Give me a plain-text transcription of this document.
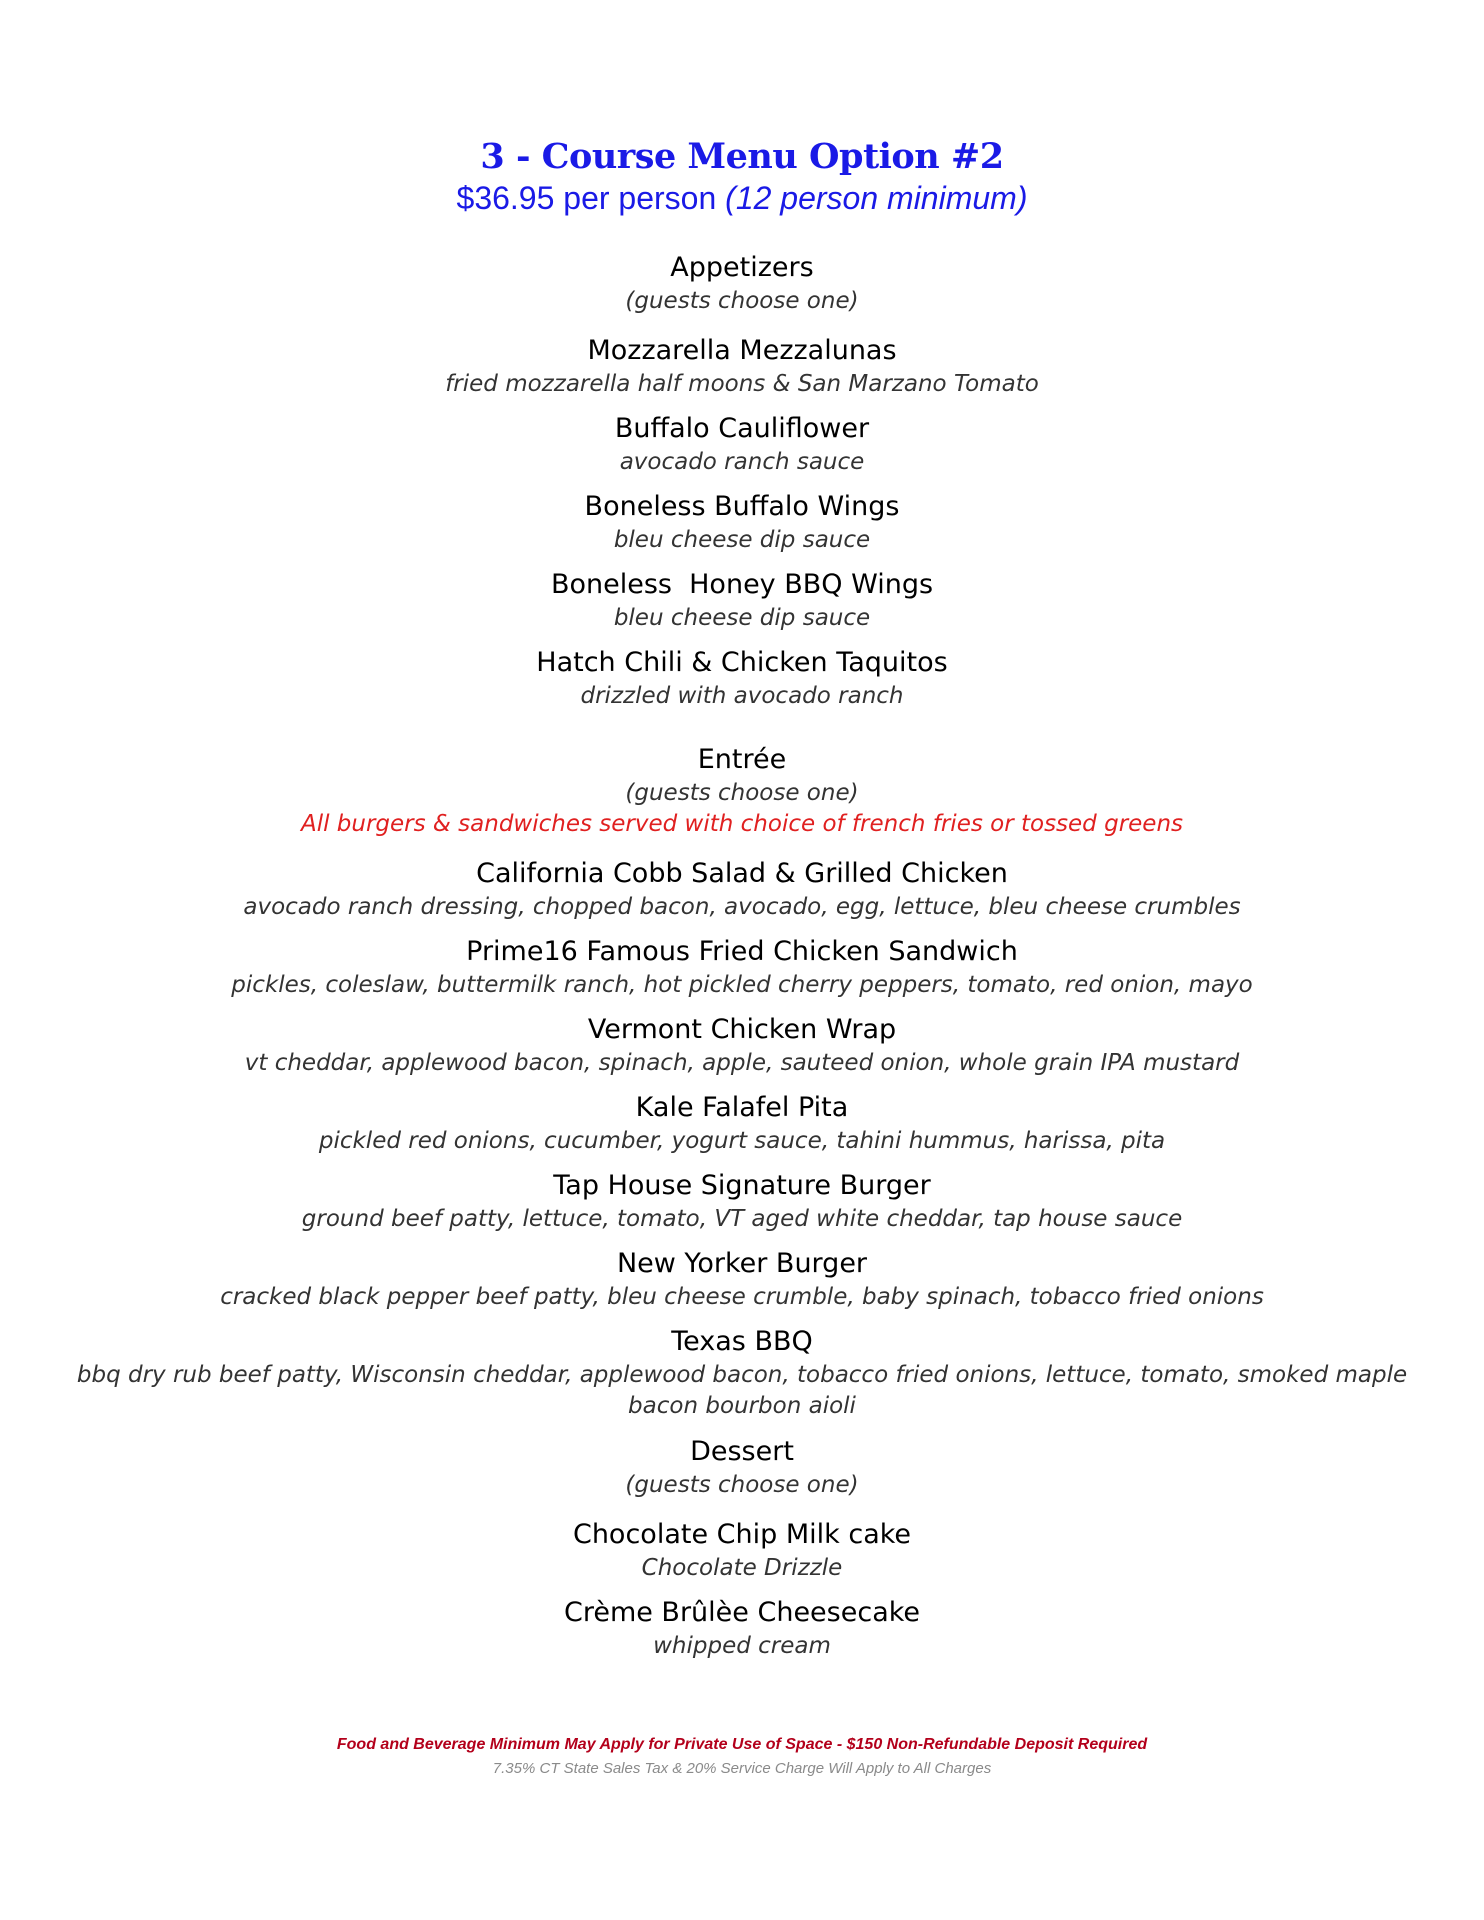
3 - Course Menu Option #2
$36.95 per person (12 person minimum)
Appetizers
(guests choose one)
Mozzarella Mezzalunas
fried mozzarella half moons & San Marzano Tomato
Buffalo Cauliflower
avocado ranch sauce
Boneless Buffalo Wings
bleu cheese dip sauce
Boneless  Honey BBQ Wings
bleu cheese dip sauce
Hatch Chili & Chicken Taquitos
drizzled with avocado ranch
Entrée
(guests choose one)
All burgers & sandwiches served with choice of french fries or tossed greens
California Cobb Salad & Grilled Chicken
avocado ranch dressing, chopped bacon, avocado, egg, lettuce, bleu cheese crumbles
Prime16 Famous Fried Chicken Sandwich
pickles, coleslaw, buttermilk ranch, hot pickled cherry peppers, tomato, red onion, mayo
Vermont Chicken Wrap
vt cheddar, applewood bacon, spinach, apple, sauteed onion, whole grain IPA mustard
Kale Falafel Pita
pickled red onions, cucumber, yogurt sauce, tahini hummus, harissa, pita
Tap House Signature Burger
ground beef patty, lettuce, tomato, VT aged white cheddar, tap house sauce
New Yorker Burger
cracked black pepper beef patty, bleu cheese crumble, baby spinach, tobacco fried onions
Texas BBQ
bbq dry rub beef patty, Wisconsin cheddar, applewood bacon, tobacco fried onions, lettuce, tomato, smoked maple
bacon bourbon aioli
Dessert
(guests choose one)
Chocolate Chip Milk cake
Chocolate Drizzle
Crème Brûlèe Cheesecake
whipped cream
Food and Beverage Minimum May Apply for Private Use of Space - $150 Non-Refundable Deposit Required
7.35% CT State Sales Tax & 20% Service Charge Will Apply to All Charges
